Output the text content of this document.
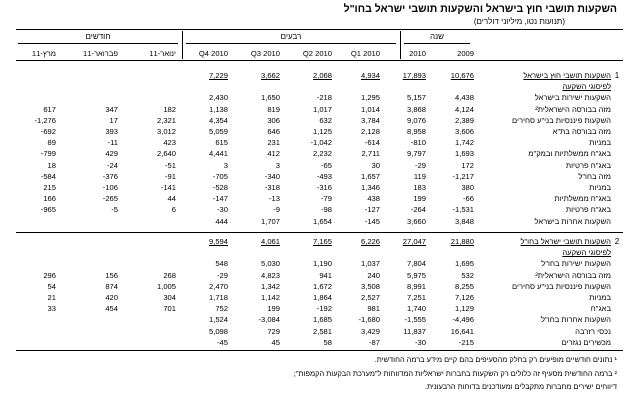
השקעות תושבי חוץ בישראל והשקעות תושבי ישראל בחו"ל
(תנועות נטו, מיליוני דולרים)
שנה
רבעים
חודשים
מרץ-11	פברואר-11	ינואר-11	Q4 2010	Q3 2010	Q2 2010	Q1 2010	2010	2009
			7,229	3,662	2,068	4,934	17,893	10,676	השקעות תושבי חוץ בישראל	1
									לפיסוגי השקעה	
			2,430	1,650	-218	1,295	5,157	4,438	השקעות ישירות בישראל	
617	347	182	1,138	819	1,017	1,014	3,868	4,124	מזה בבורסה הישראלית²	
-1,276	17	2,321	4,354	306	632	3,784	9,076	2,389	השקעות פיננסיות בני"ע סחירים	
-692	393	3,012	5,059	646	1,125	2,128	8,958	3,606	מזה בבורסה בת"א	
89	-11	423	615	231	-1,042	-614	-810	1,742	במניות	
-799	429	2,640	4,441	412	2,232	2,711	9,797	1,693	באג"ח ממשלתיות ובמק"מ	
18	-24	-51	3	3	-65	30	-29	172	באג"ח פרטיות	
-584	-376	-91	-705	-340	-493	1,657	119	-1,217	מזה בחו"ל	
215	-106	-141	-528	-318	-316	1,346	183	380	במניות	
166	-265	44	-147	-13	-79	438	199	-66	באג"ח ממשלתיות	
-965	-5	6	-30	-9	-98	-127	-264	-1,531	באג"ח פרטיות	
			444	1,707	1,654	-145	3,660	3,848	השקעות אחרות בישראל	
			9,594	4,061	7,165	6,226	27,047	21,880	השקעות תושבי ישראל בחו"ל	2
									לפיסוגי השקעה	
			548	5,030	1,190	1,037	7,804	1,695	השקעות ישירות בחו"ל	
296	156	268	-29	4,823	941	240	5,975	532	מזה בבורסה הישראלית²	
54	874	1,005	2,470	1,342	1,672	3,508	8,991	8,255	השקעות פיננסיות בני"ע סחירים	
21	420	304	1,718	1,142	1,864	2,527	7,251	7,126	במניות	
33	454	701	752	199	-192	981	1,740	1,129	באג"ח	
			1,524	-3,084	1,685	-1,680	-1,555	-4,496	השקעות אחרות בחו"ל	
			5,098	729	2,581	3,429	11,837	16,641	נכסי רזרבה	
			-45	45	58	-87	-30	-215	מכשירים נגזרים	
¹ נתונים חודשיים מופיעים רק בחלק מהסעיפים בהם קיים מידע ברמה החודשית.
² ברמה החודשית מסעיף זה כלולים רק השקעות בחברות ישראליות המדווחות ל"מערכת הבקעות הקמפות";
דיווחים ישירים מחברות מתקבלים ומעודכנים בדוחות הרבעונית.
